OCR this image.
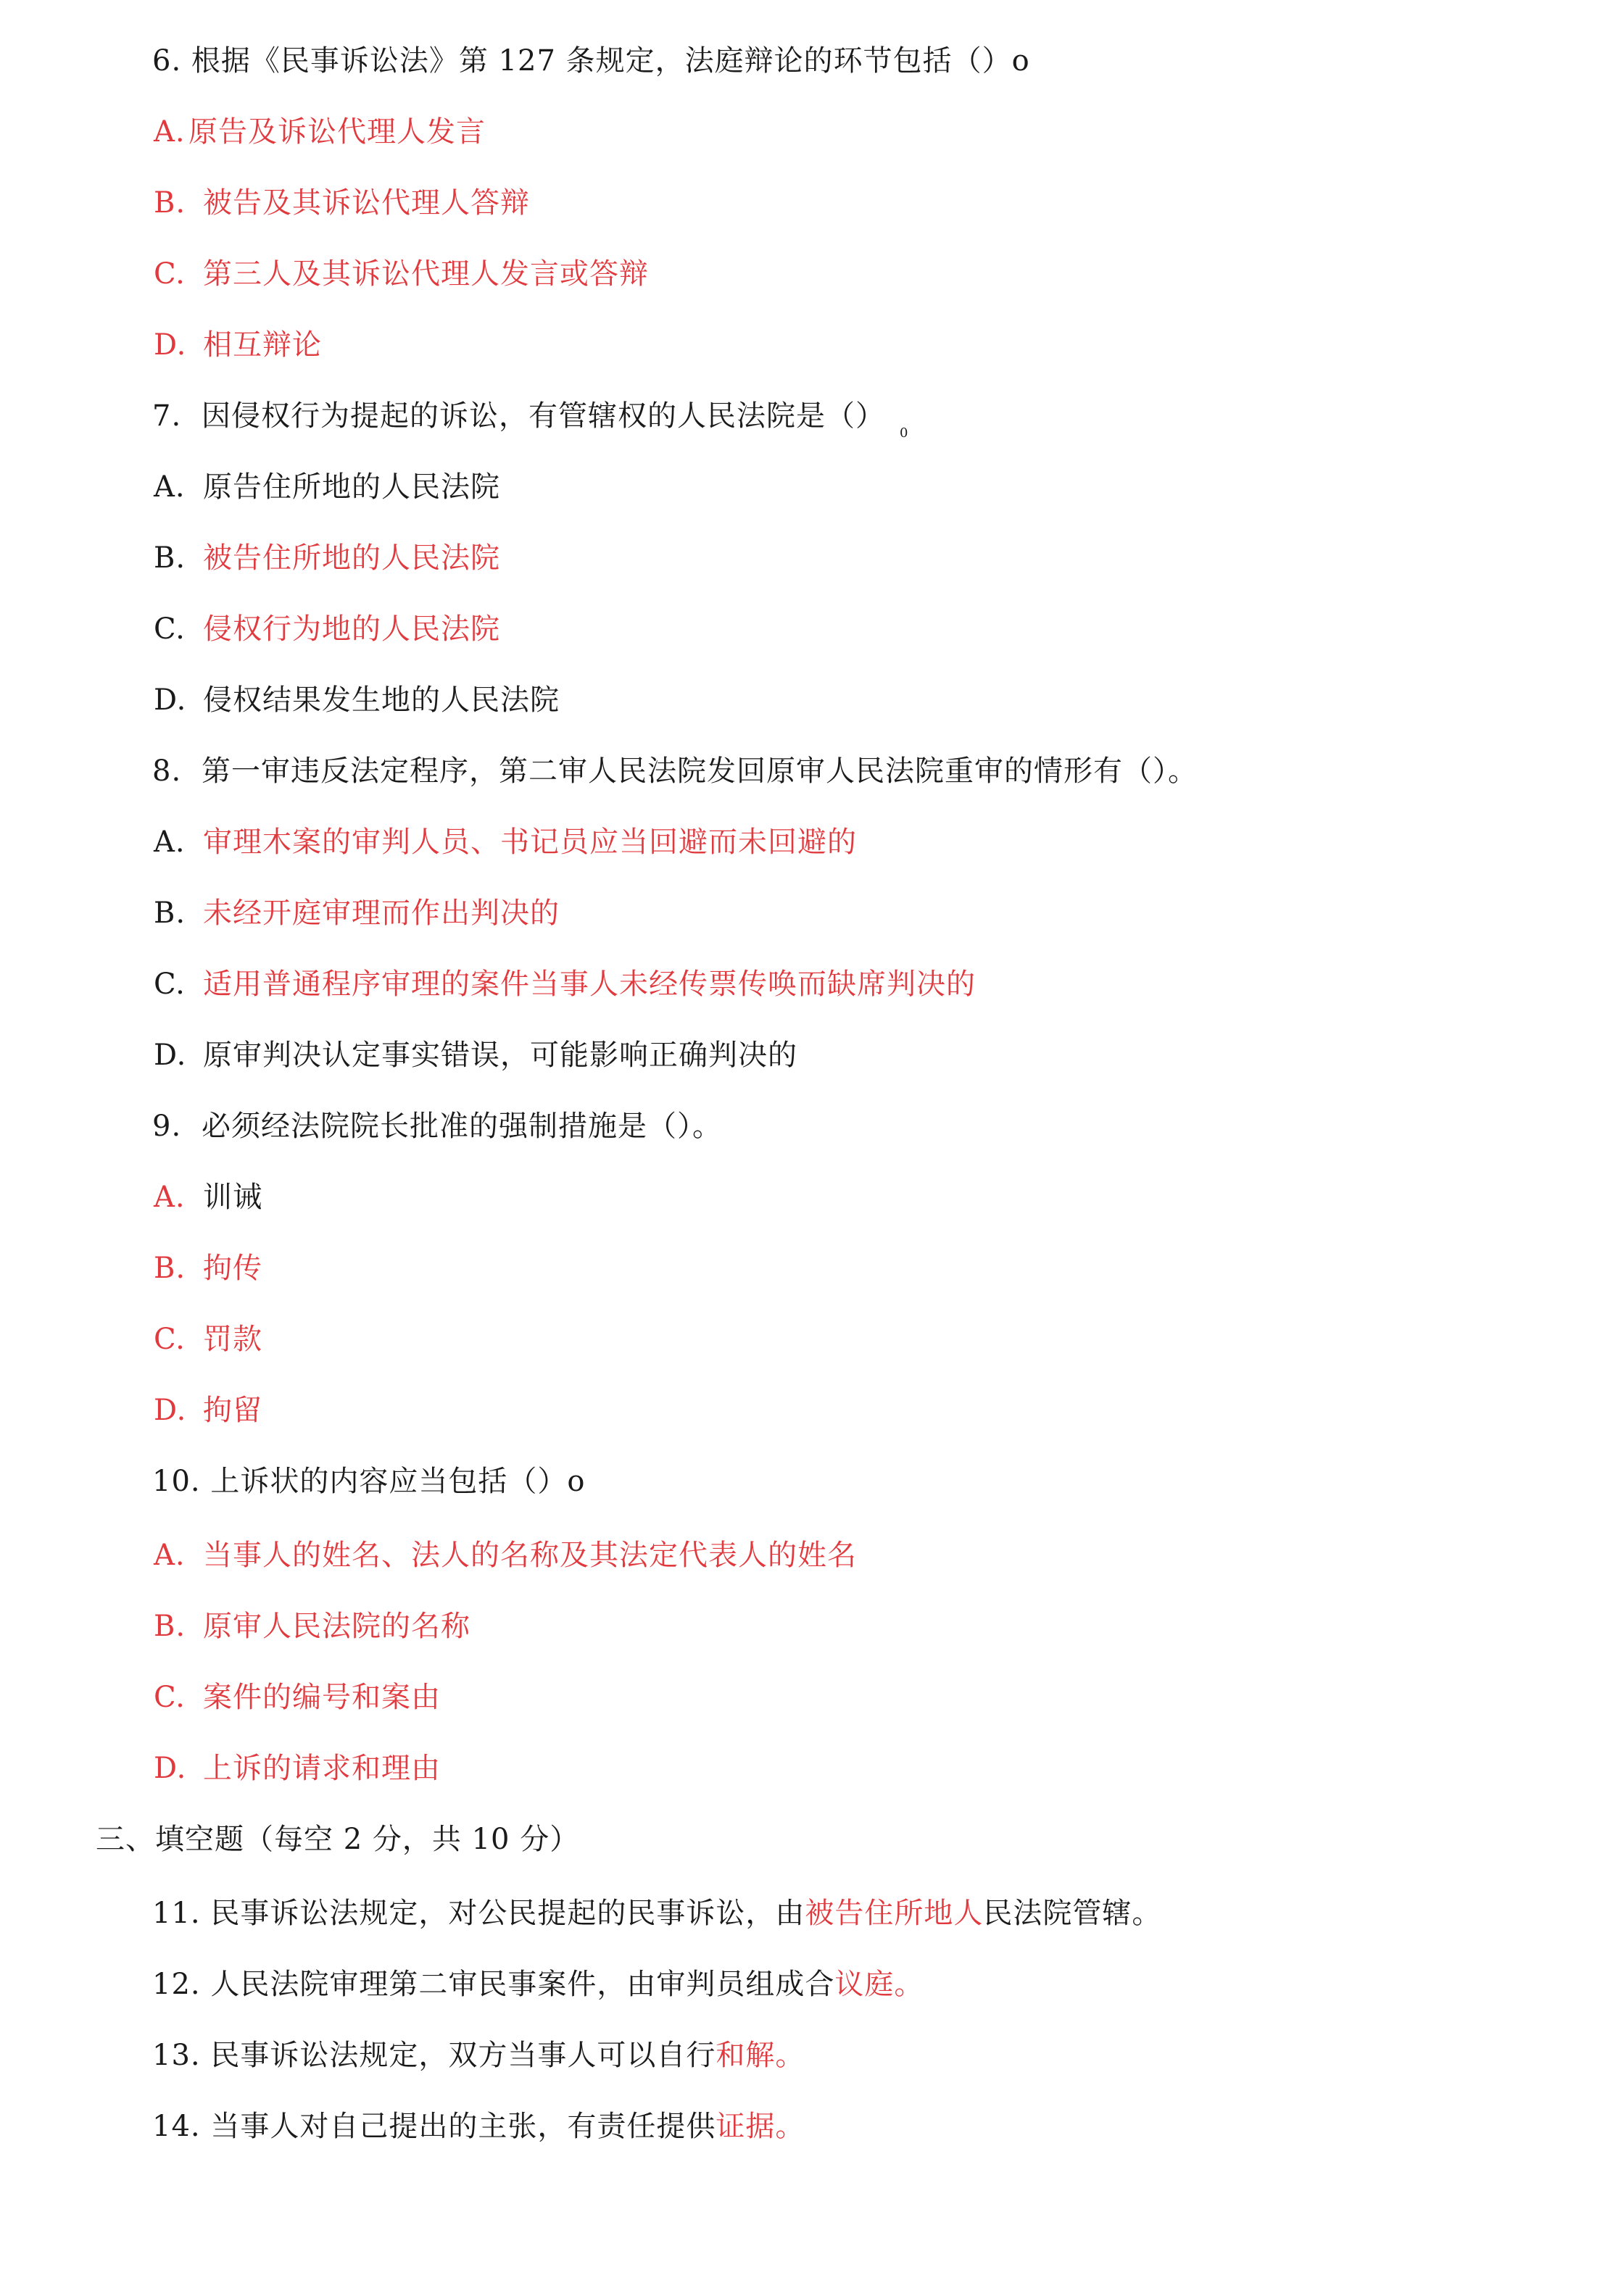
6. 根据《民事诉讼法》第 127 条规定，法庭辩论的环节包括（）o
A. 原告及诉讼代理人发言
B. 被告及其诉讼代理人答辩
C. 第三人及其诉讼代理人发言或答辩
D. 相互辩论
7. 因侵权行为提起的诉讼，有管辖权的人民法院是$()_0$
A. 原告住所地的人民法院
B. 被告住所地的人民法院
C. 侵权行为地的人民法院
D. 侵权结果发生地的人民法院
8. 第一审违反法定程序，第二审人民法院发回原审人民法院重审的情形有（）。
A. 审理木案的审判人员、书记员应当回避而未回避的
B. 未经开庭审理而作出判决的
C. 适用普通程序审理的案件当事人未经传票传唤而缺席判决的
D. 原审判决认定事实错误，可能影响正确判决的
9. 必须经法院院长批准的强制措施是（）。
A. 训诫
B. 拘传
C. 罚款
D. 拘留
10. 上诉状的内容应当包括（）o
A. 当事人的姓名、法人的名称及其法定代表人的姓名
B. 原审人民法院的名称
C. 案件的编号和案由
D. 上诉的请求和理由
三、填空题（每空 2 分，共 10 分）
11. 民事诉讼法规定，对公民提起的民事诉讼，由被告住所地人民法院管辖。
12. 人民法院审理第二审民事案件，由审判员组成合议庭。
13. 民事诉讼法规定，双方当事人可以自行和解。
14. 当事人对自己提出的主张，有责任提供证据。
